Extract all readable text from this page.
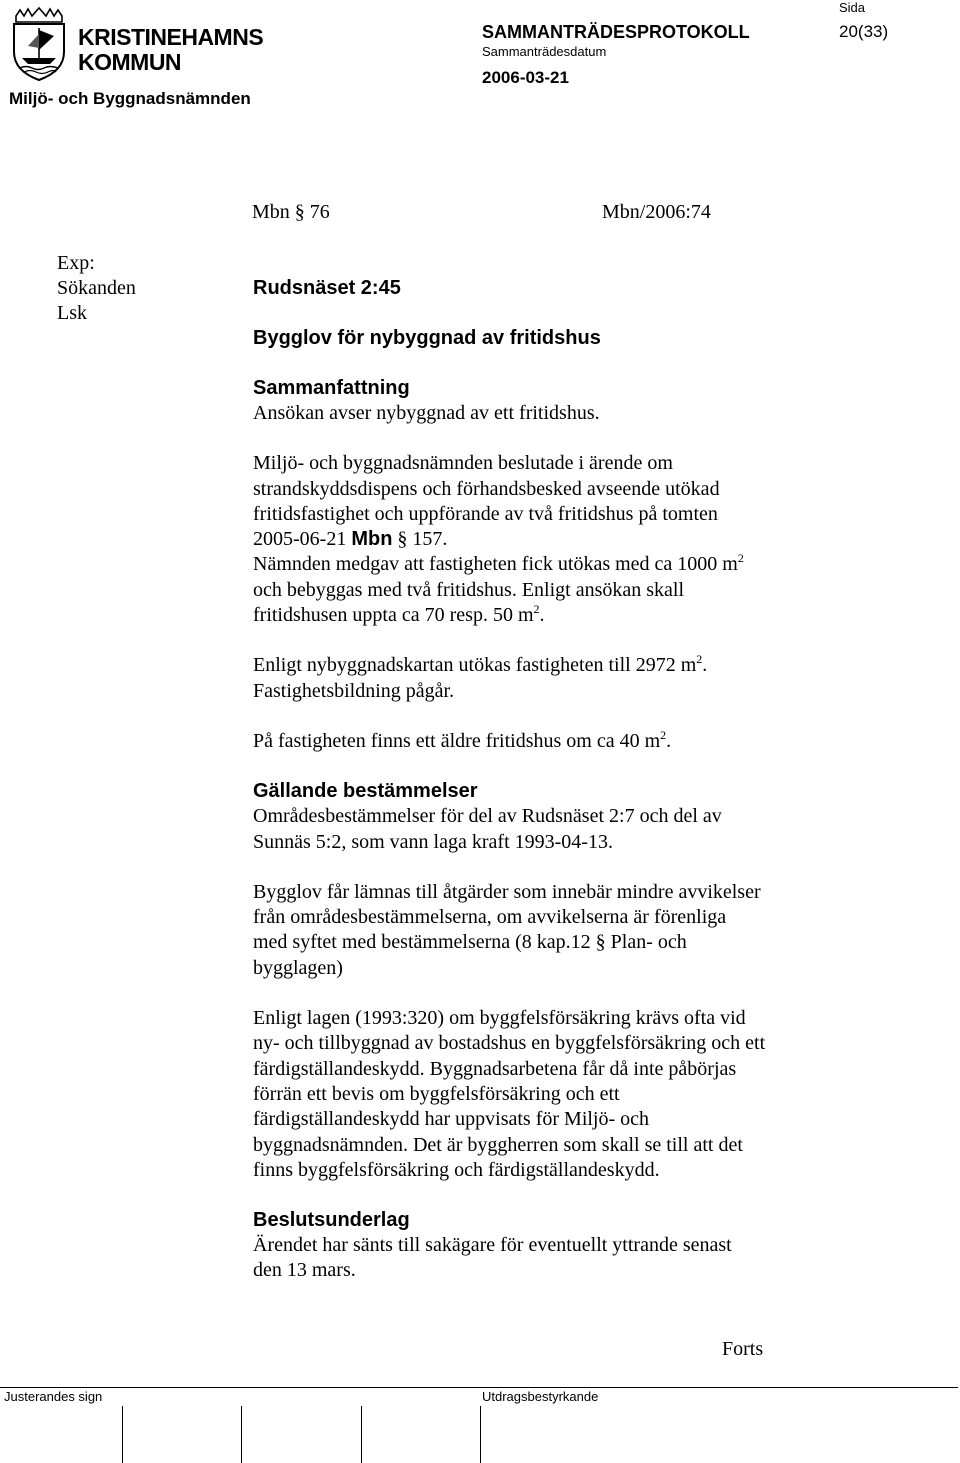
KRISTINEHAMNS
KOMMUN
Miljö- och Byggnadsnämnden
SAMMANTRÄDESPROTOKOLL
Sammanträdesdatum
2006-03-21
Sida
20(33)
Mbn § 76	Mbn/2006:74
Exp:
Sökanden
Lsk

Rudsnäset 2:45

Bygglov för nybyggnad av fritidshus

Sammanfattning

Ansökan avser nybyggnad av ett fritidshus.

Miljö- och byggnadsnämnden beslutade i ärende om

strandskyddsdispens och förhandsbesked avseende utökad

fritidsfastighet och uppförande av två fritidshus på tomten

2005-06-21 Mbn § 157.

Nämnden medgav att fastigheten fick utökas med ca 1000 $m^2$

och bebyggas med två fritidshus. Enligt ansökan skall

fritidshusen uppta ca 70 resp. 50 $m^2$.

Enligt nybyggnadskartan utökas fastigheten till 2972 $m^2$.

Fastighetsbildning pågår.

På fastigheten finns ett äldre fritidshus om ca 40 $m^2$.

Gällande bestämmelser

Områdesbestämmelser för del av Rudsnäset 2:7 och del av

Sunnäs 5:2, som vann laga kraft 1993-04-13.

Bygglov får lämnas till åtgärder som innebär mindre avvikelser

från områdesbestämmelserna, om avvikelserna är förenliga

med syftet med bestämmelserna (8 kap.12 § Plan- och

bygglagen)

Enligt lagen (1993:320) om byggfelsförsäkring krävs ofta vid

ny- och tillbyggnad av bostadshus en byggfelsförsäkring och ett

färdigställandeskydd. Byggnadsarbetena får då inte påbörjas

förrän ett bevis om byggfelsförsäkring och ett

färdigställandeskydd har uppvisats för Miljö- och

byggnadsnämnden. Det är byggherren som skall se till att det

finns byggfelsförsäkring och färdigställandeskydd.

Beslutsunderlag

Ärendet har sänts till sakägare för eventuellt yttrande senast

den 13 mars.

Forts
Justerandes sign	Utdragsbestyrkande
